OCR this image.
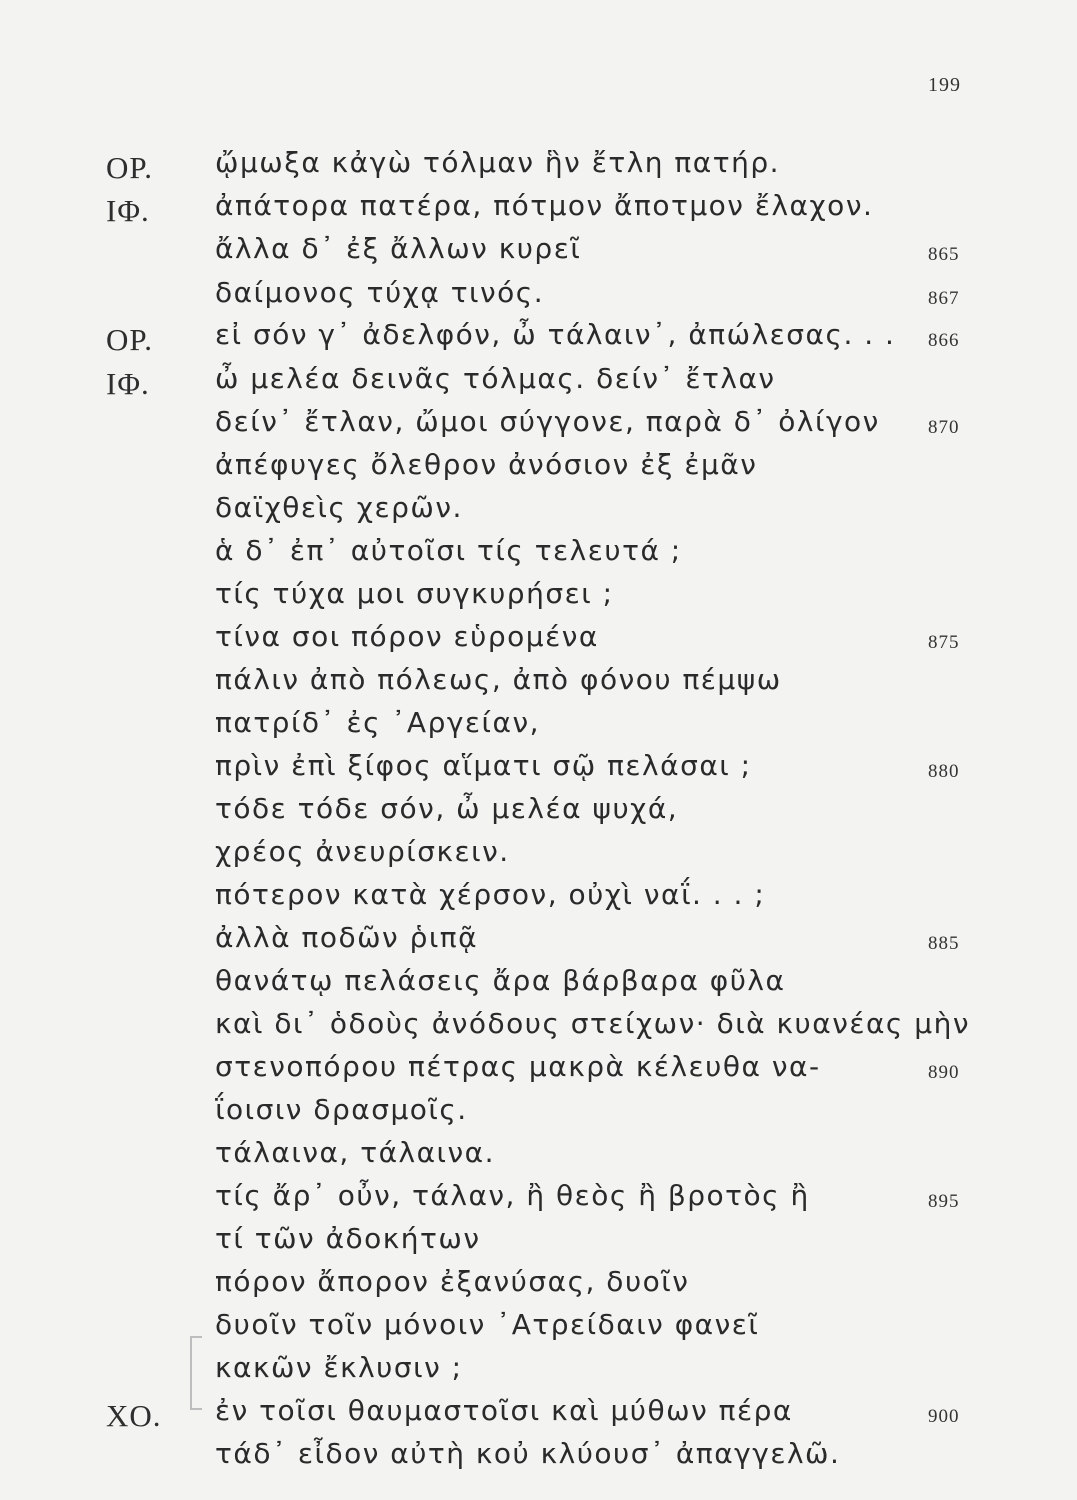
199
ΟΡ. ᾤμωξα κἀγὼ τόλμαν ἣν ἔτλη πατήρ.
ΙΦ. ἀπάτορα πατέρα, πότμον ἄποτμον ἔλαχον.
ἄλλα δ᾽ ἐξ ἄλλων κυρεῖ	865
δαίμονος τύχᾳ τινός.	867
ΟΡ. εἰ σόν γ᾽ ἀδελφόν, ὦ τάλαιν᾽, ἀπώλεσας. . . 866
ΙΦ. ὦ μελέα δεινᾶς τόλμας. δείν᾽ ἔτλαν
δείν᾽ ἔτλαν, ὤμοι σύγγονε, παρὰ δ᾽ ὀλίγον	870
ἀπέφυγες ὄλεθρον ἀνόσιον ἐξ ἐμᾶν
δαϊχθεὶς χερῶν.
ἁ δ᾽ ἐπ᾽ αὐτοῖσι τίς τελευτά ;
τίς τύχα μοι συγκυρήσει ;
τίνα σοι πόρον εὑρομένα	875
πάλιν ἀπὸ πόλεως, ἀπὸ φόνου πέμψω
πατρίδ᾽ ἐς ᾽Αργείαν,
πρὶν ἐπὶ ξίφος αἵματι σῷ πελάσαι ;	880
τόδε τόδε σόν, ὦ μελέα ψυχά,
χρέος ἀνευρίσκειν.
πότερον κατὰ χέρσον, οὐχὶ ναΐ. . . ;
ἀλλὰ ποδῶν ῥιπᾷ	885
θανάτῳ πελάσεις ἄρα βάρβαρα φῦλα
καὶ δι᾽ ὁδοὺς ἀνόδους στείχων· διὰ κυανέας μὴν
στενοπόρου πέτρας μακρὰ κέλευθα να-	890
ΐοισιν δρασμοῖς.
τάλαινα, τάλαινα.
τίς ἄρ᾽ οὖν, τάλαν, ἢ θεὸς ἢ βροτὸς ἢ	895
τί τῶν ἀδοκήτων
πόρον ἄπορον ἐξανύσας, δυοῖν
δυοῖν τοῖν μόνοιν ᾽Ατρείδαιν φανεῖ
κακῶν ἔκλυσιν ;
ΧΟ. ἐν τοῖσι θαυμαστοῖσι καὶ μύθων πέρα	900
τάδ᾽ εἶδον αὐτὴ κοὐ κλύουσ᾽ ἀπαγγελῶ.
